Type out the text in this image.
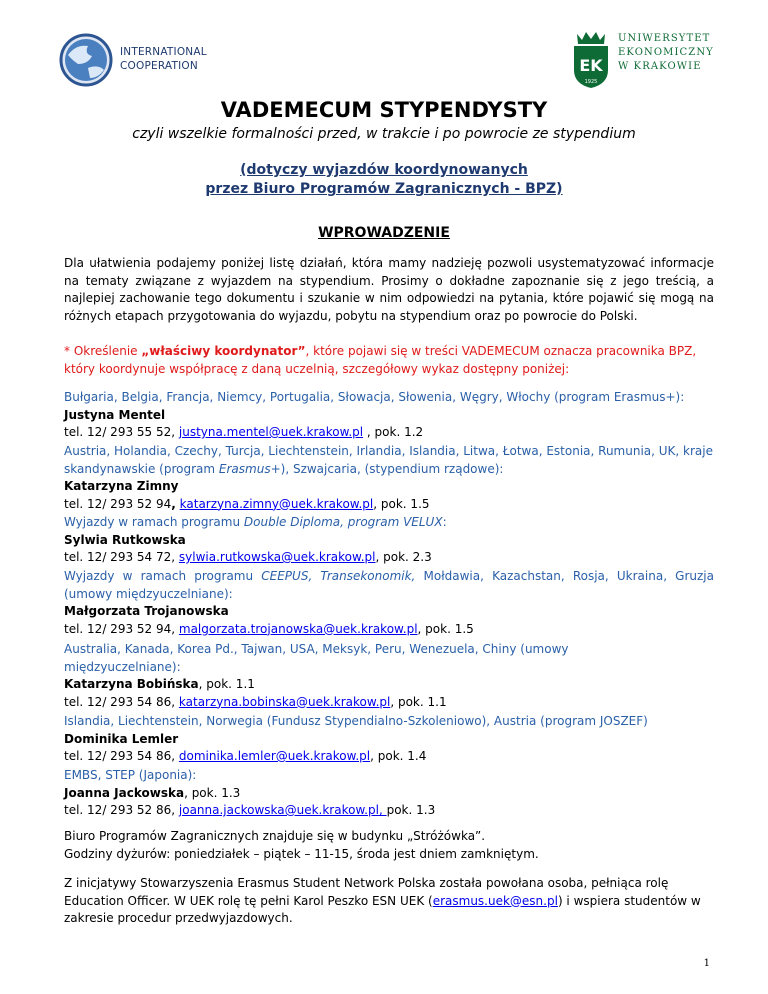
INTERNATIONAL
COOPERATION	EK
1925
UNIWERSYTET
EKONOMICZNY
W KRAKOWIE
VADEMECUM STYPENDYSTY
czyli wszelkie formalności przed, w trakcie i po powrocie ze stypendium
(dotyczy wyjazdów koordynowanych
przez Biuro Programów Zagranicznych - BPZ)
WPROWADZENIE

Dla ułatwienia podajemy poniżej listę działań, która mamy nadzieję pozwoli usystematyzować informacje na tematy związane z wyjazdem na stypendium. Prosimy o dokładne zapoznanie się z jego treścią, a najlepiej zachowanie tego dokumentu i szukanie w nim odpowiedzi na pytania, które pojawić się mogą na różnych etapach przygotowania do wyjazdu, pobytu na stypendium oraz po powrocie do Polski.

* Określenie „właściwy koordynator”, które pojawi się w treści VADEMECUM oznacza pracownika BPZ, który koordynuje współpracę z daną uczelnią, szczegółowy wykaz dostępny poniżej:

Bułgaria, Belgia, Francja, Niemcy, Portugalia, Słowacja, Słowenia, Węgry, Włochy (program Erasmus+):

Justyna Mentel

tel. 12/ 293 55 52, justyna.mentel@uek.krakow.pl , pok. 1.2

Austria, Holandia, Czechy, Turcja, Liechtenstein, Irlandia, Islandia, Litwa, Łotwa, Estonia, Rumunia, UK, kraje skandynawskie (program Erasmus+), Szwajcaria, (stypendium rządowe):

Katarzyna Zimny

tel. 12/ 293 52 94, katarzyna.zimny@uek.krakow.pl, pok. 1.5

Wyjazdy w ramach programu Double Diploma, program VELUX:

Sylwia Rutkowska

tel. 12/ 293 54 72, sylwia.rutkowska@uek.krakow.pl, pok. 2.3

Wyjazdy w ramach programu CEEPUS, Transekonomik, Mołdawia, Kazachstan, Rosja, Ukraina, Gruzja (umowy międzyuczelniane):

Małgorzata Trojanowska

tel. 12/ 293 52 94, malgorzata.trojanowska@uek.krakow.pl, pok. 1.5

Australia, Kanada, Korea Pd., Tajwan, USA, Meksyk, Peru, Wenezuela, Chiny (umowy międzyuczelniane):

Katarzyna Bobińska, pok. 1.1

tel. 12/ 293 54 86, katarzyna.bobinska@uek.krakow.pl, pok. 1.1

Islandia, Liechtenstein, Norwegia (Fundusz Stypendialno-Szkoleniowo), Austria (program JOSZEF)

Dominika Lemler

tel. 12/ 293 54 86, dominika.lemler@uek.krakow.pl, pok. 1.4

EMBS, STEP (Japonia):

Joanna Jackowska, pok. 1.3

tel. 12/ 293 52 86, joanna.jackowska@uek.krakow.pl, pok. 1.3

Biuro Programów Zagranicznych znajduje się w budynku „Stróżówka”.

Godziny dyżurów: poniedziałek – piątek – 11-15, środa jest dniem zamkniętym.

Z inicjatywy Stowarzyszenia Erasmus Student Network Polska została powołana osoba, pełniąca rolę Education Officer. W UEK rolę tę pełni Karol Peszko ESN UEK (erasmus.uek@esn.pl) i wspiera studentów w zakresie procedur przedwyjazdowych.
1
